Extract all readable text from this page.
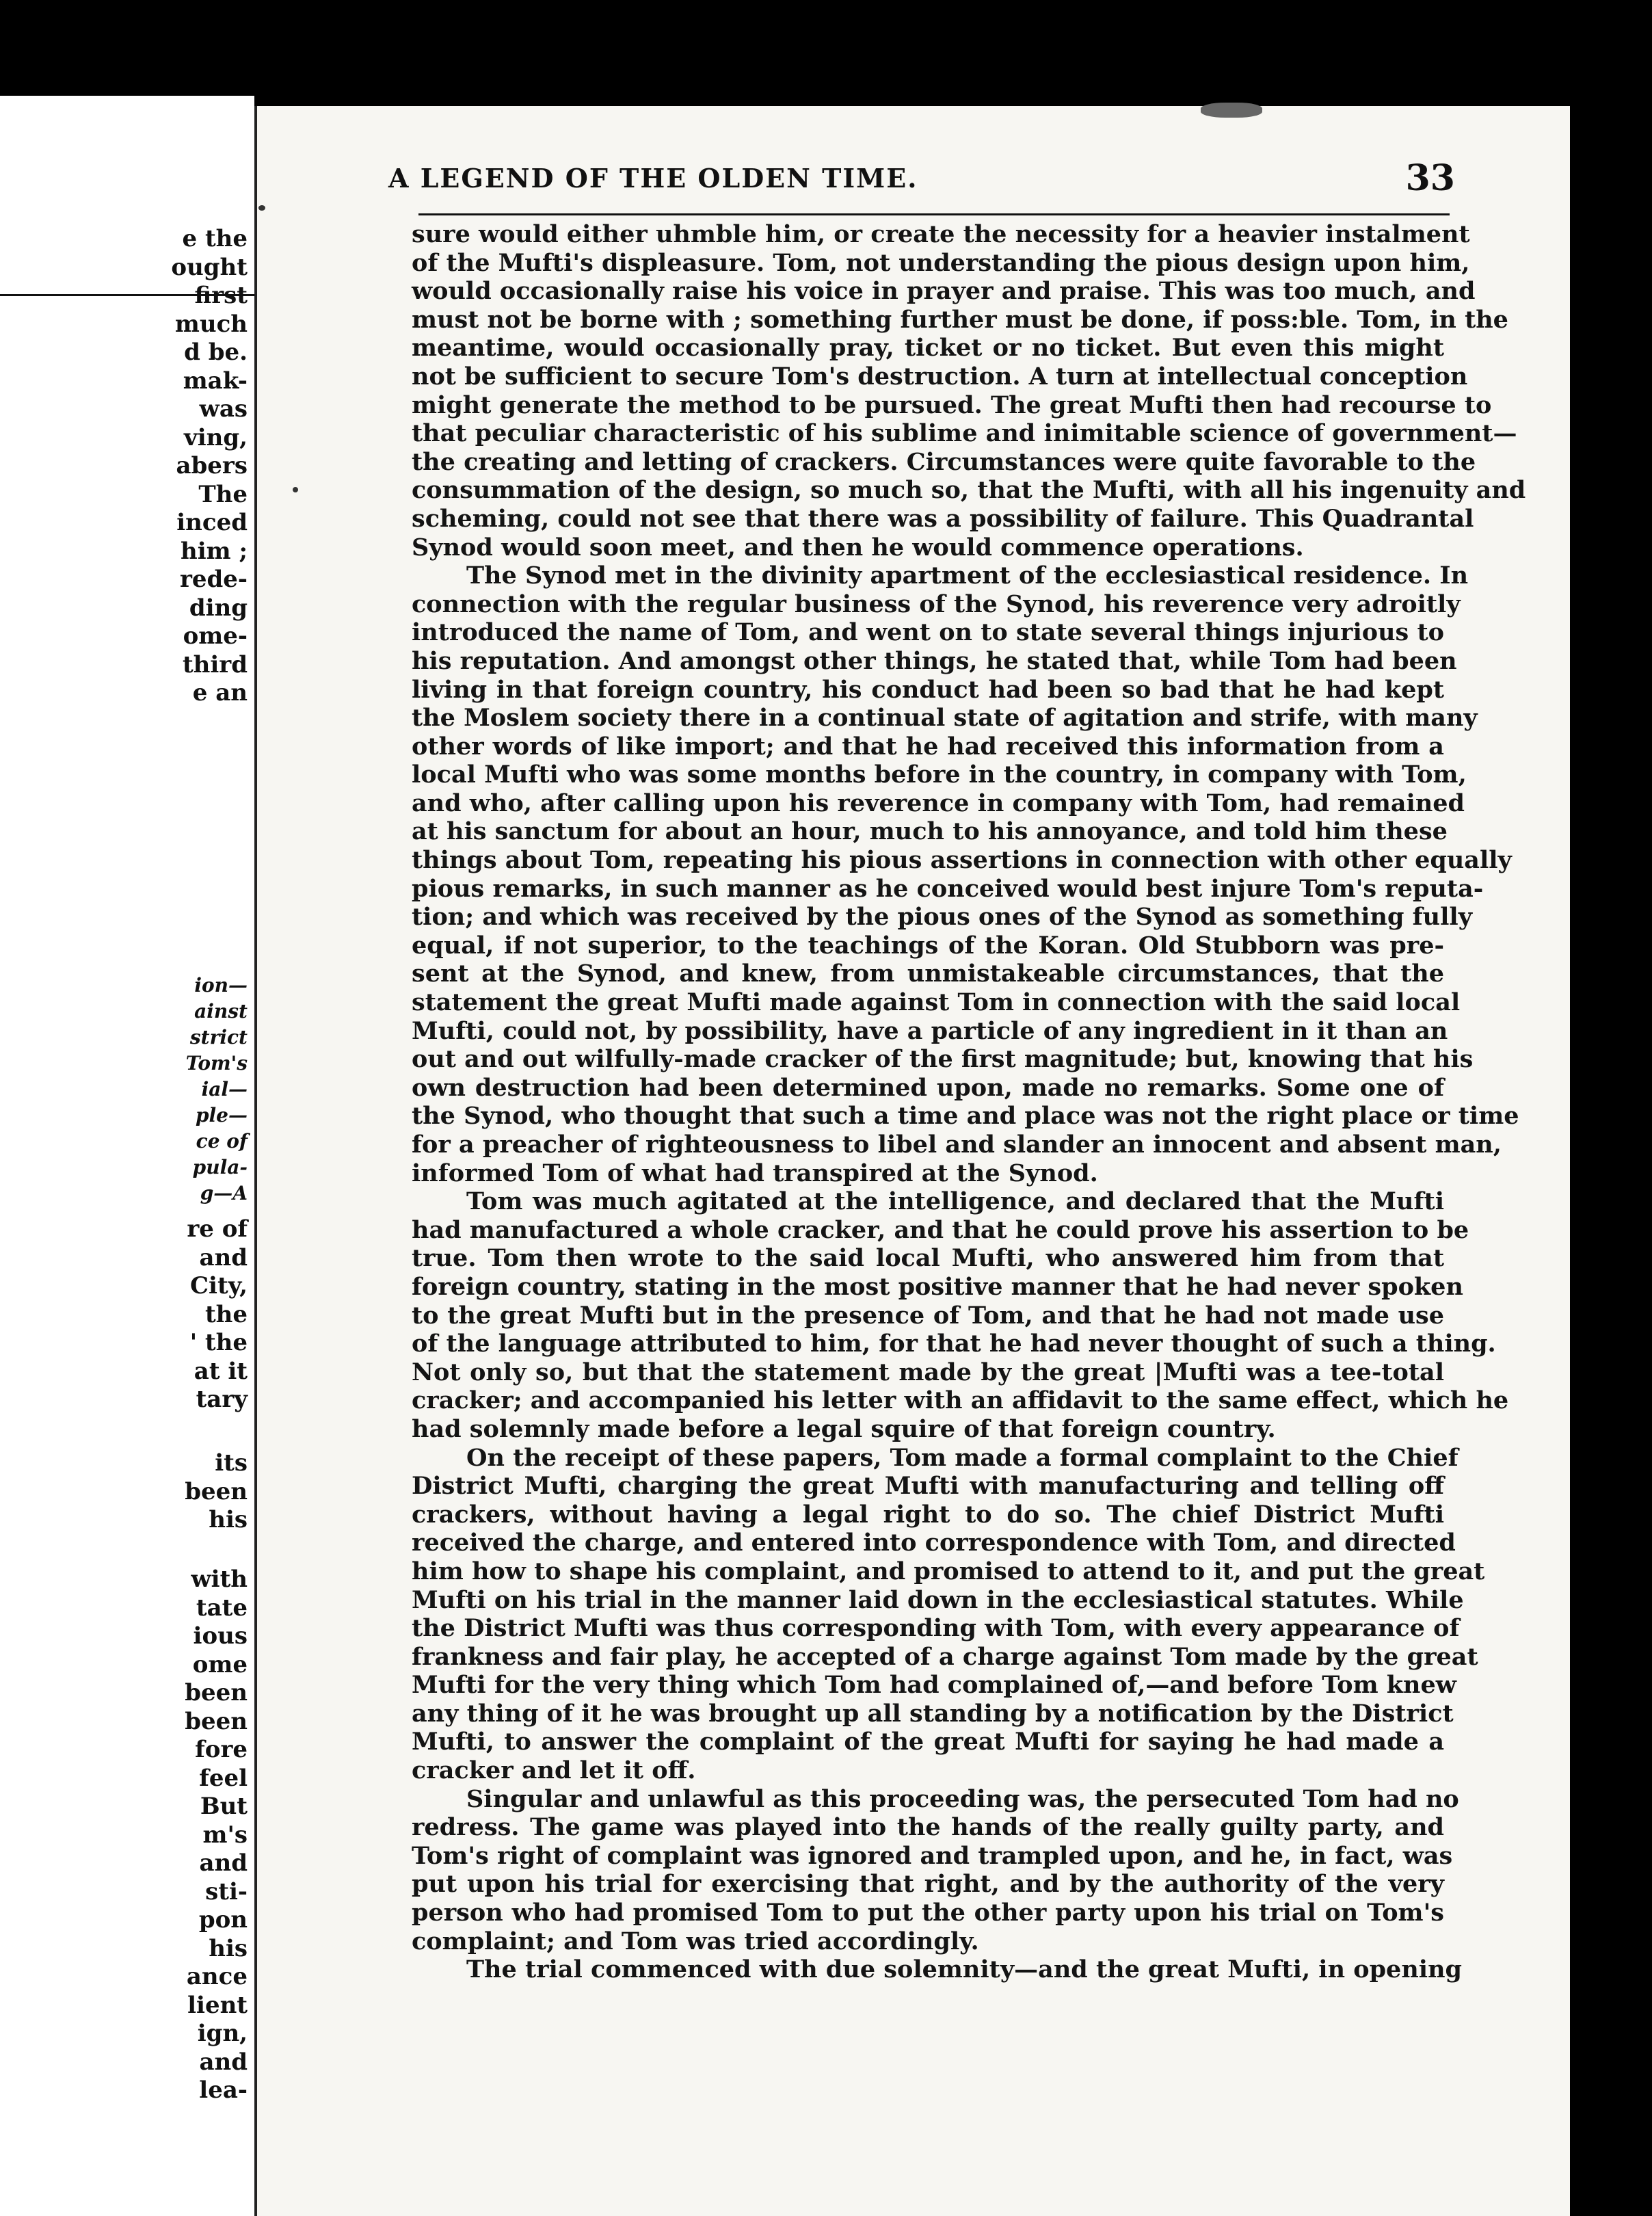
e the
ought
first
much
d be.
mak-
was
ving,
abers
The
inced
him ;
rede-
ding
ome-
third
e an
ion—
ainst
strict
Tom's
ial—
ple—
ce of
pula-
g—A
re of
and
City,
the
' the
at it
tary
its
been
his
with
tate
ious
ome
been
been
fore
feel
But
m's
and
sti-
pon
his
ance
lient
ign,
and
lea-
A LEGEND OF THE OLDEN TIME.	33
sure would either uhmble him, or create the necessity for a heavier instalment
of the Mufti's displeasure. Tom, not understanding the pious design upon him,
would occasionally raise his voice in prayer and praise. This was too much, and
must not be borne with ; something further must be done, if poss:ble. Tom, in the
meantime, would occasionally pray, ticket or no ticket. But even this might
not be sufficient to secure Tom's destruction. A turn at intellectual conception
might generate the method to be pursued. The great Mufti then had recourse to
that peculiar characteristic of his sublime and inimitable science of government—
the creating and letting of crackers. Circumstances were quite favorable to the
consummation of the design, so much so, that the Mufti, with all his ingenuity and
scheming, could not see that there was a possibility of failure. This Quadrantal
Synod would soon meet, and then he would commence operations.
The Synod met in the divinity apartment of the ecclesiastical residence. In
connection with the regular business of the Synod, his reverence very adroitly
introduced the name of Tom, and went on to state several things injurious to
his reputation. And amongst other things, he stated that, while Tom had been
living in that foreign country, his conduct had been so bad that he had kept
the Moslem society there in a continual state of agitation and strife, with many
other words of like import; and that he had received this information from a
local Mufti who was some months before in the country, in company with Tom,
and who, after calling upon his reverence in company with Tom, had remained
at his sanctum for about an hour, much to his annoyance, and told him these
things about Tom, repeating his pious assertions in connection with other equally
pious remarks, in such manner as he conceived would best injure Tom's reputa-
tion; and which was received by the pious ones of the Synod as something fully
equal, if not superior, to the teachings of the Koran. Old Stubborn was pre-
sent at the Synod, and knew, from unmistakeable circumstances, that the
statement the great Mufti made against Tom in connection with the said local
Mufti, could not, by possibility, have a particle of any ingredient in it than an
out and out wilfully-made cracker of the first magnitude; but, knowing that his
own destruction had been determined upon, made no remarks. Some one of
the Synod, who thought that such a time and place was not the right place or time
for a preacher of righteousness to libel and slander an innocent and absent man,
informed Tom of what had transpired at the Synod.
Tom was much agitated at the intelligence, and declared that the Mufti
had manufactured a whole cracker, and that he could prove his assertion to be
true. Tom then wrote to the said local Mufti, who answered him from that
foreign country, stating in the most positive manner that he had never spoken
to the great Mufti but in the presence of Tom, and that he had not made use
of the language attributed to him, for that he had never thought of such a thing.
Not only so, but that the statement made by the great |Mufti was a tee-total
cracker; and accompanied his letter with an affidavit to the same effect, which he
had solemnly made before a legal squire of that foreign country.
On the receipt of these papers, Tom made a formal complaint to the Chief
District Mufti, charging the great Mufti with manufacturing and telling off
crackers, without having a legal right to do so. The chief District Mufti
received the charge, and entered into correspondence with Tom, and directed
him how to shape his complaint, and promised to attend to it, and put the great
Mufti on his trial in the manner laid down in the ecclesiastical statutes. While
the District Mufti was thus corresponding with Tom, with every appearance of
frankness and fair play, he accepted of a charge against Tom made by the great
Mufti for the very thing which Tom had complained of,—and before Tom knew
any thing of it he was brought up all standing by a notification by the District
Mufti, to answer the complaint of the great Mufti for saying he had made a
cracker and let it off.
Singular and unlawful as this proceeding was, the persecuted Tom had no
redress. The game was played into the hands of the really guilty party, and
Tom's right of complaint was ignored and trampled upon, and he, in fact, was
put upon his trial for exercising that right, and by the authority of the very
person who had promised Tom to put the other party upon his trial on Tom's
complaint; and Tom was tried accordingly.
The trial commenced with due solemnity—and the great Mufti, in opening
